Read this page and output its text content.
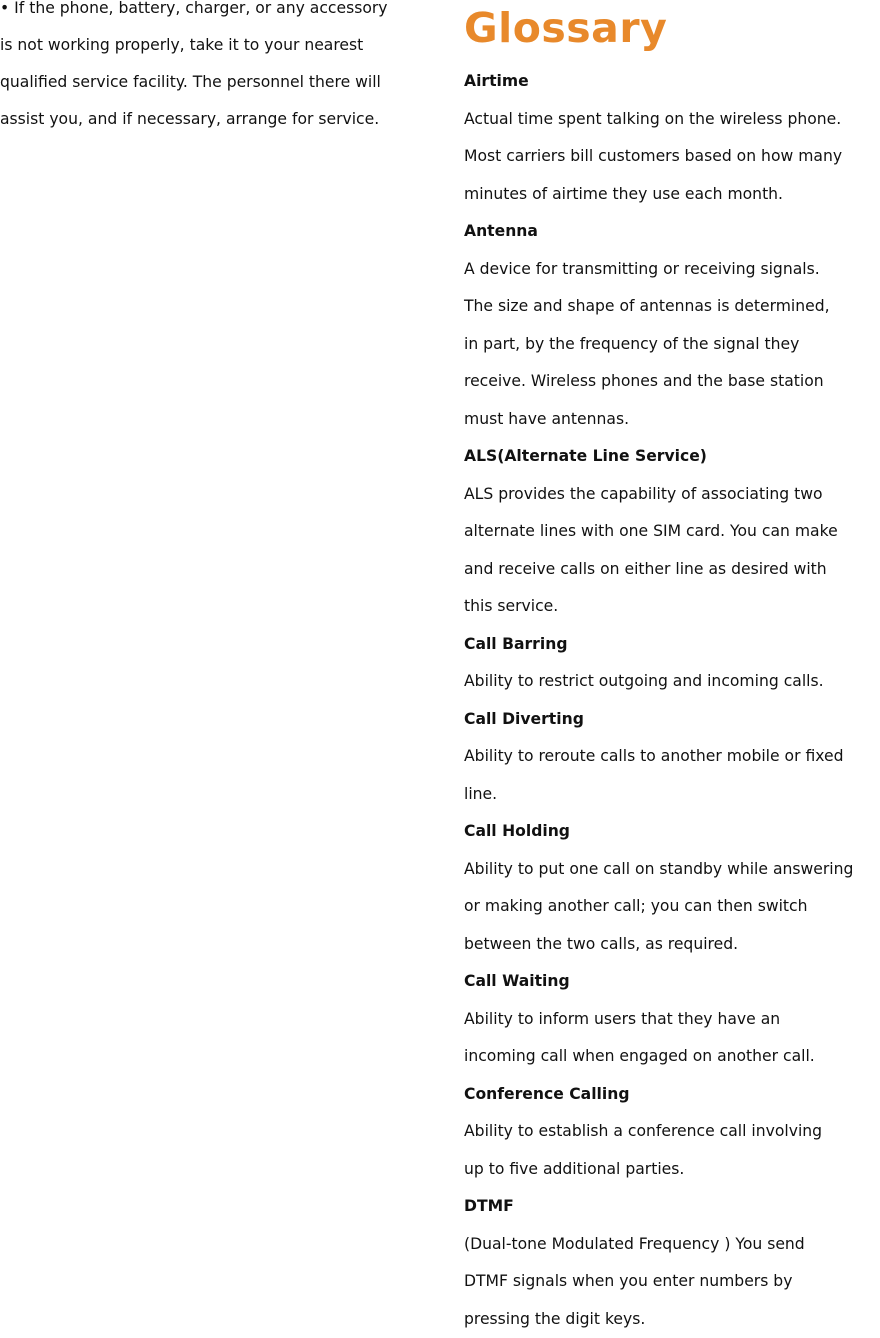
• If the phone, battery, charger, or any accessory
is not working properly, take it to your nearest
qualified service facility. The personnel there will
assist you, and if necessary, arrange for service.
Glossary
Airtime
Actual time spent talking on the wireless phone.
Most carriers bill customers based on how many
minutes of airtime they use each month.
Antenna
A device for transmitting or receiving signals.
The size and shape of antennas is determined,
in part, by the frequency of the signal they
receive. Wireless phones and the base station
must have antennas.
ALS(Alternate Line Service)
ALS provides the capability of associating two
alternate lines with one SIM card. You can make
and receive calls on either line as desired with
this service.
Call Barring
Ability to restrict outgoing and incoming calls.
Call Diverting
Ability to reroute calls to another mobile or fixed
line.
Call Holding
Ability to put one call on standby while answering
or making another call; you can then switch
between the two calls, as required.
Call Waiting
Ability to inform users that they have an
incoming call when engaged on another call.
Conference Calling
Ability to establish a conference call involving
up to five additional parties.
DTMF
(Dual-tone Modulated Frequency ) You send
DTMF signals when you enter numbers by
pressing the digit keys.
